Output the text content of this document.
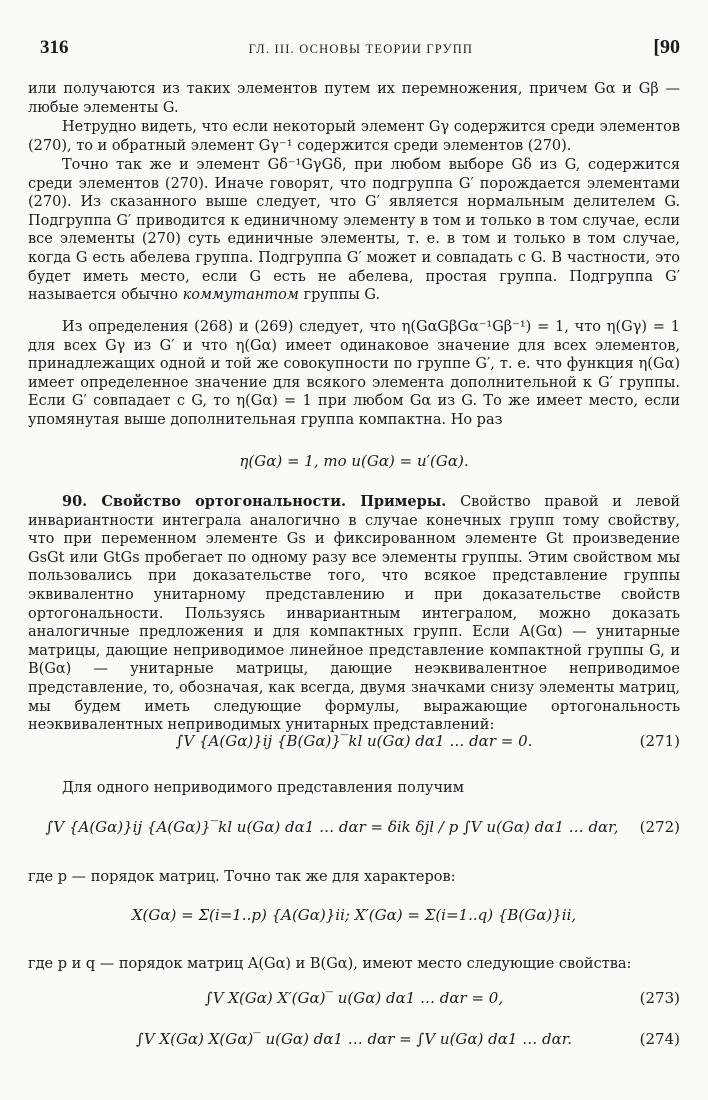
316	ГЛ. III. ОСНОВЫ ТЕОРИИ ГРУПП	[90

или получаются из таких элементов путем их перемножения, причем Gα и Gβ — любые элементы G.

Нетрудно видеть, что если некоторый элемент Gγ содержится среди элементов (270), то и обратный элемент Gγ⁻¹ содержится среди элементов (270).

Точно так же и элемент Gδ⁻¹GγGδ, при любом выборе Gδ из G, содержится среди элементов (270). Иначе говорят, что подгруппа G′ порождается элементами (270). Из сказанного выше следует, что G′ является нормальным делителем G. Подгруппа G′ приводится к единичному элементу в том и только в том случае, если все элементы (270) суть единичные элементы, т. е. в том и только в том случае, когда G есть абелева группа. Подгруппа G′ может и совпадать с G. В частности, это будет иметь место, если G есть не абелева, простая группа. Подгруппа G′ называется обычно коммутантом группы G.

Из определения (268) и (269) следует, что η(GαGβGα⁻¹Gβ⁻¹) = 1, что η(Gγ) = 1 для всех Gγ из G′ и что η(Gα) имеет одинаковое значение для всех элементов, принадлежащих одной и той же совокупности по группе G′, т. е. что функция η(Gα) имеет определенное значение для всякого элемента дополнительной к G′ группы. Если G′ совпадает с G, то η(Gα) = 1 при любом Gα из G. То же имеет место, если упомянутая выше дополнительная группа компактна. Но раз

η(Gα) = 1, то u(Gα) = u′(Gα).

90. Свойство ортогональности. Примеры. Свойство правой и левой инвариантности интеграла аналогично в случае конечных групп тому свойству, что при переменном элементе Gs и фиксированном элементе Gt произведение GsGt или GtGs пробегает по одному разу все элементы группы. Этим свойством мы пользовались при доказательстве того, что всякое представление группы эквивалентно унитарному представлению и при доказательстве свойств ортогональности. Пользуясь инвариантным интегралом, можно доказать аналогичные предложения и для компактных групп. Если A(Gα) — унитарные матрицы, дающие неприводимое линейное представление компактной группы G, и B(Gα) — унитарные матрицы, дающие неэквивалентное неприводимое представление, то, обозначая, как всегда, двумя значками снизу элементы матриц, мы будем иметь следующие формулы, выражающие ортогональность неэквивалентных неприводимых унитарных представлений:

∫V {A(Gα)}ij {B(Gα)}‾kl u(Gα) dα1 … dαr = 0.	(271)

Для одного неприводимого представления получим

∫V {A(Gα)}ij {A(Gα)}‾kl u(Gα) dα1 … dαr = δik δjl / p ∫V u(Gα) dα1 … dαr,	(272)

где p — порядок матриц. Точно так же для характеров:

X(Gα) = Σ(i=1..p) {A(Gα)}ii; X′(Gα) = Σ(i=1..q) {B(Gα)}ii,

где p и q — порядок матриц A(Gα) и B(Gα), имеют место следующие свойства:

∫V X(Gα) X′(Gα)‾ u(Gα) dα1 … dαr = 0,	(273)
∫V X(Gα) X(Gα)‾ u(Gα) dα1 … dαr = ∫V u(Gα) dα1 … dαr.	(274)
